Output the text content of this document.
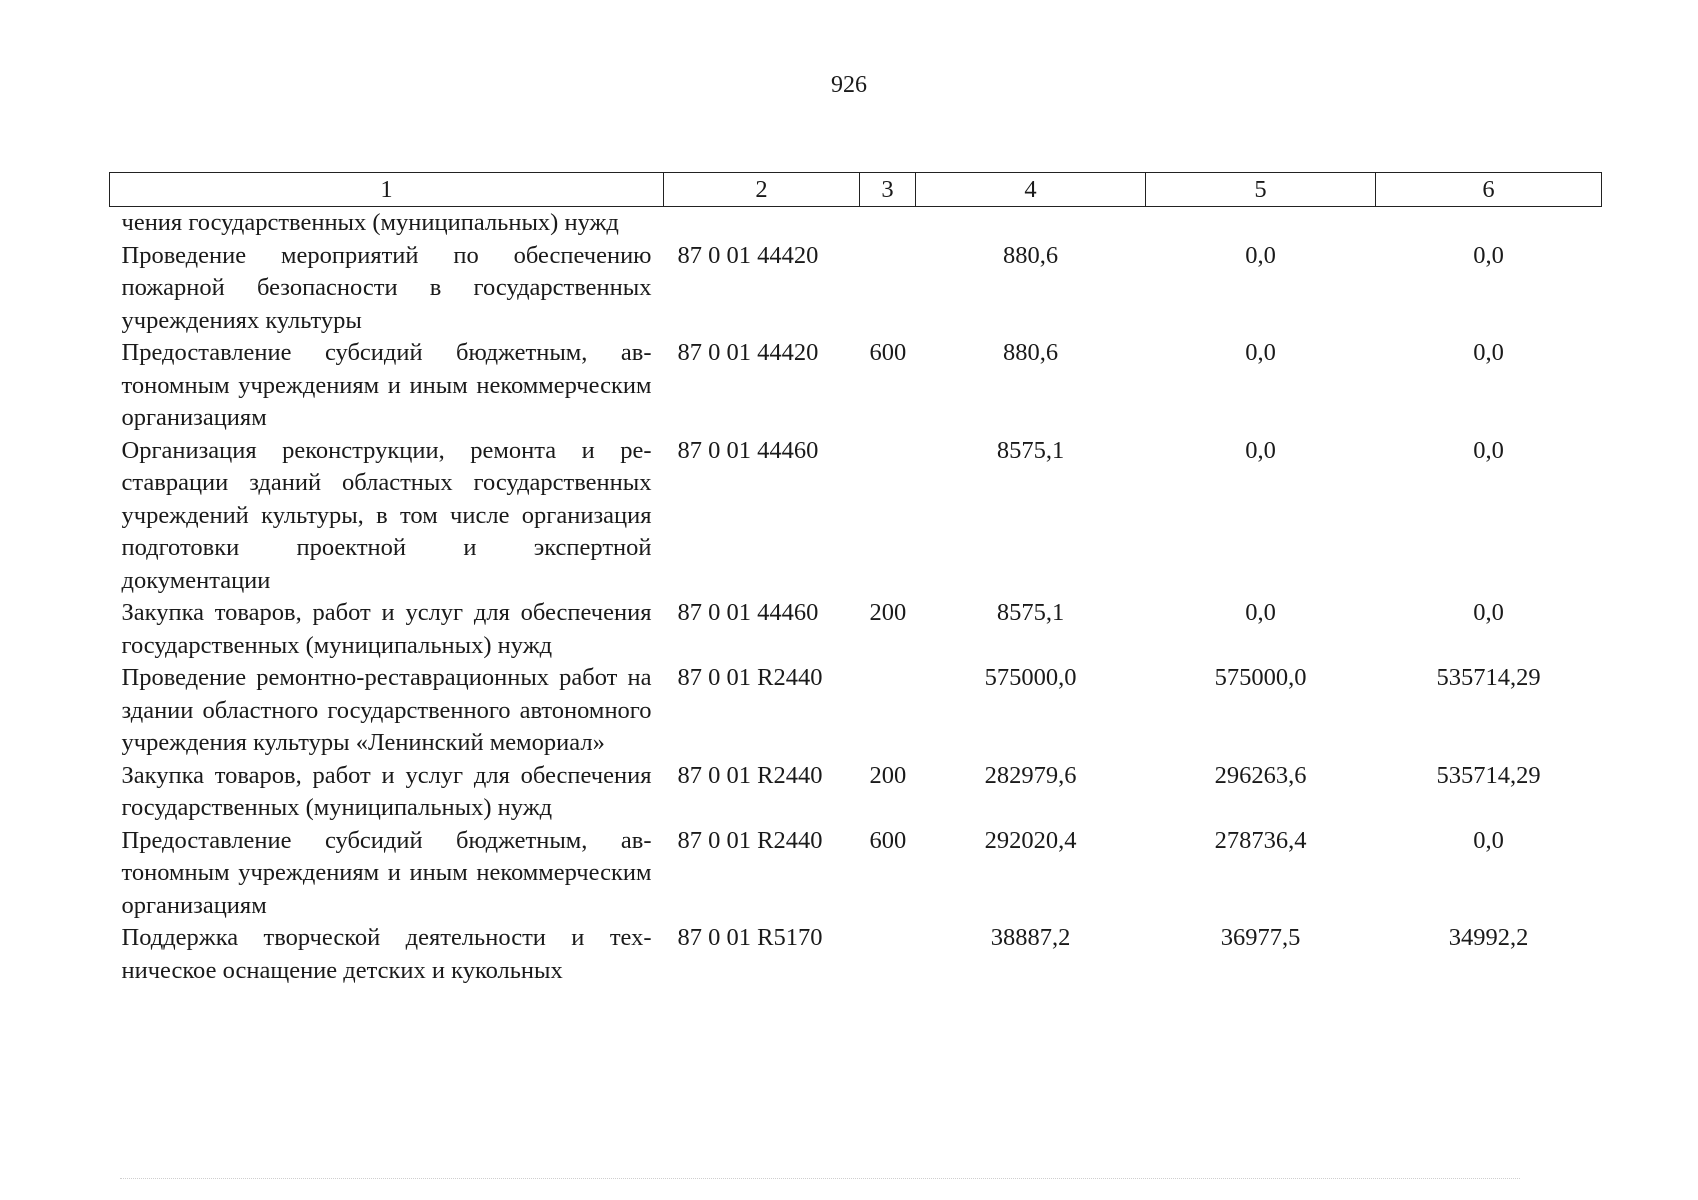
926
1	2	3	4	5	6
чения государственных (муниципальных) нужд					
Проведение мероприятий по обеспечению пожарной безопасности в государственных учреждениях культуры	87 0 01 44420		880,6	0,0	0,0
Предоставление субсидий бюджетным, автономным учреждениям и иным некоммерческим организациям	87 0 01 44420	600	880,6	0,0	0,0
Организация реконструкции, ремонта и реставрации зданий областных государственных учреждений культуры, в том числе организация подготовки проектной и экспертной документации	87 0 01 44460		8575,1	0,0	0,0
Закупка товаров, работ и услуг для обеспечения государственных (муниципальных) нужд	87 0 01 44460	200	8575,1	0,0	0,0
Проведение ремонтно-реставрационных работ на здании областного государственного автономного учреждения культуры «Ленинский мемориал»	87 0 01 R2440		575000,0	575000,0	535714,29
Закупка товаров, работ и услуг для обеспечения государственных (муниципальных) нужд	87 0 01 R2440	200	282979,6	296263,6	535714,29
Предоставление субсидий бюджетным, автономным учреждениям и иным некоммерческим организациям	87 0 01 R2440	600	292020,4	278736,4	0,0
Поддержка творческой деятельности и техническое оснащение детских и кукольных	87 0 01 R5170		38887,2	36977,5	34992,2
